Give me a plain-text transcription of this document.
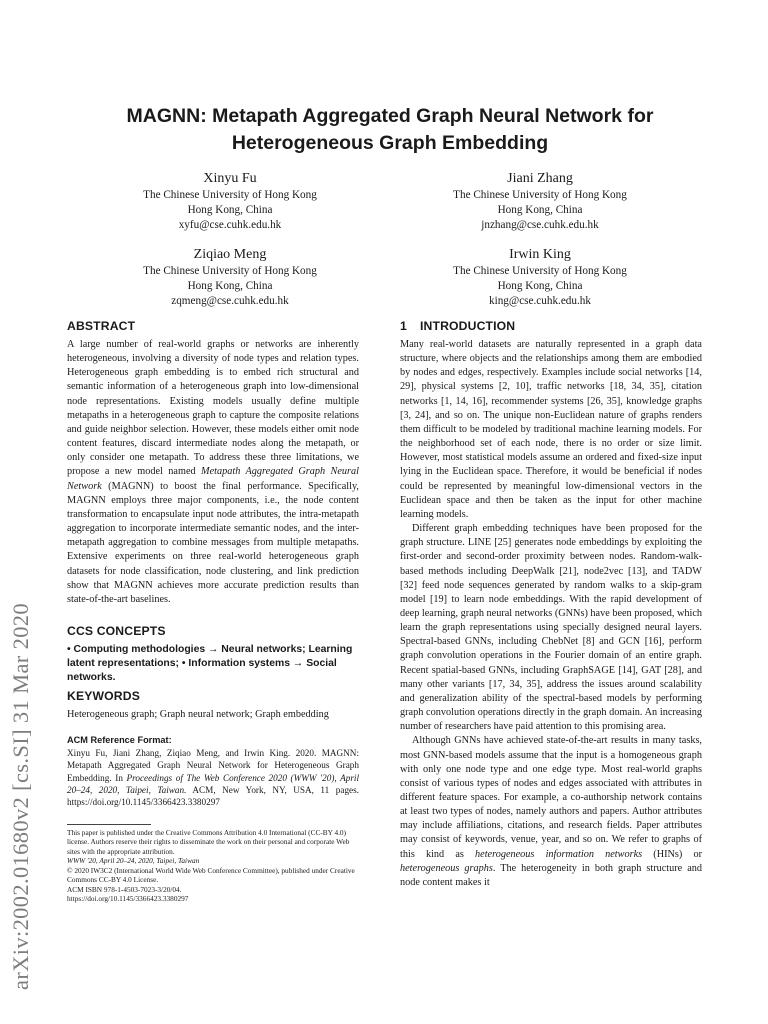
arXiv:2002.01680v2 [cs.SI] 31 Mar 2020
MAGNN: Metapath Aggregated Graph Neural Network for
Heterogeneous Graph Embedding
Xinyu Fu
The Chinese University of Hong Kong
Hong Kong, China
xyfu@cse.cuhk.edu.hk
Jiani Zhang
The Chinese University of Hong Kong
Hong Kong, China
jnzhang@cse.cuhk.edu.hk
Ziqiao Meng
The Chinese University of Hong Kong
Hong Kong, China
zqmeng@cse.cuhk.edu.hk
Irwin King
The Chinese University of Hong Kong
Hong Kong, China
king@cse.cuhk.edu.hk
ABSTRACT

A large number of real-world graphs or networks are inherently heterogeneous, involving a diversity of node types and relation types. Heterogeneous graph embedding is to embed rich structural and semantic information of a heterogeneous graph into low-dimensional node representations. Existing models usually define multiple metapaths in a heterogeneous graph to capture the composite relations and guide neighbor selection. However, these models either omit node content features, discard intermediate nodes along the metapath, or only consider one metapath. To address these three limitations, we propose a new model named Metapath Aggregated Graph Neural Network (MAGNN) to boost the final performance. Specifically, MAGNN employs three major components, i.e., the node content transformation to encapsulate input node attributes, the intra-metapath aggregation to incorporate intermediate semantic nodes, and the inter-metapath aggregation to combine messages from multiple metapaths. Extensive experiments on three real-world heterogeneous graph datasets for node classification, node clustering, and link prediction show that MAGNN achieves more accurate prediction results than state-of-the-art baselines.

CCS CONCEPTS

• Computing methodologies → Neural networks; Learning latent representations; • Information systems → Social networks.

KEYWORDS

Heterogeneous graph; Graph neural network; Graph embedding

ACM Reference Format:

Xinyu Fu, Jiani Zhang, Ziqiao Meng, and Irwin King. 2020. MAGNN: Metapath Aggregated Graph Neural Network for Heterogeneous Graph Embedding. In Proceedings of The Web Conference 2020 (WWW '20), April 20–24, 2020, Taipei, Taiwan. ACM, New York, NY, USA, 11 pages. https://doi.org/10.1145/3366423.3380297

This paper is published under the Creative Commons Attribution 4.0 International (CC-BY 4.0) license. Authors reserve their rights to disseminate the work on their personal and corporate Web sites with the appropriate attribution.

WWW '20, April 20–24, 2020, Taipei, Taiwan

© 2020 IW3C2 (International World Wide Web Conference Committee), published under Creative Commons CC-BY 4.0 License.

ACM ISBN 978-1-4503-7023-3/20/04.

https://doi.org/10.1145/3366423.3380297

1 INTRODUCTION

Many real-world datasets are naturally represented in a graph data structure, where objects and the relationships among them are embodied by nodes and edges, respectively. Examples include social networks [14, 29], physical systems [2, 10], traffic networks [18, 34, 35], citation networks [1, 14, 16], recommender systems [26, 35], knowledge graphs [3, 24], and so on. The unique non-Euclidean nature of graphs renders them difficult to be modeled by traditional machine learning models. For the neighborhood set of each node, there is no order or size limit. However, most statistical models assume an ordered and fixed-size input lying in the Euclidean space. Therefore, it would be beneficial if nodes could be represented by meaningful low-dimensional vectors in the Euclidean space and then be taken as the input for other machine learning models.

Different graph embedding techniques have been proposed for the graph structure. LINE [25] generates node embeddings by exploiting the first-order and second-order proximity between nodes. Random-walk-based methods including DeepWalk [21], node2vec [13], and TADW [32] feed node sequences generated by random walks to a skip-gram model [19] to learn node embeddings. With the rapid development of deep learning, graph neural networks (GNNs) have been proposed, which learn the graph representations using specially designed neural layers. Spectral-based GNNs, including ChebNet [8] and GCN [16], perform graph convolution operations in the Fourier domain of an entire graph. Recent spatial-based GNNs, including GraphSAGE [14], GAT [28], and many other variants [17, 34, 35], address the issues around scalability and generalization ability of the spectral-based models by performing graph convolution operations directly in the graph domain. An increasing number of researchers have paid attention to this promising area.

Although GNNs have achieved state-of-the-art results in many tasks, most GNN-based models assume that the input is a homogeneous graph with only one node type and one edge type. Most real-world graphs consist of various types of nodes and edges associated with attributes in different feature spaces. For example, a co-authorship network contains at least two types of nodes, namely authors and papers. Author attributes may include affiliations, citations, and research fields. Paper attributes may consist of keywords, venue, year, and so on. We refer to graphs of this kind as heterogeneous information networks (HINs) or heterogeneous graphs. The heterogeneity in both graph structure and node content makes it
